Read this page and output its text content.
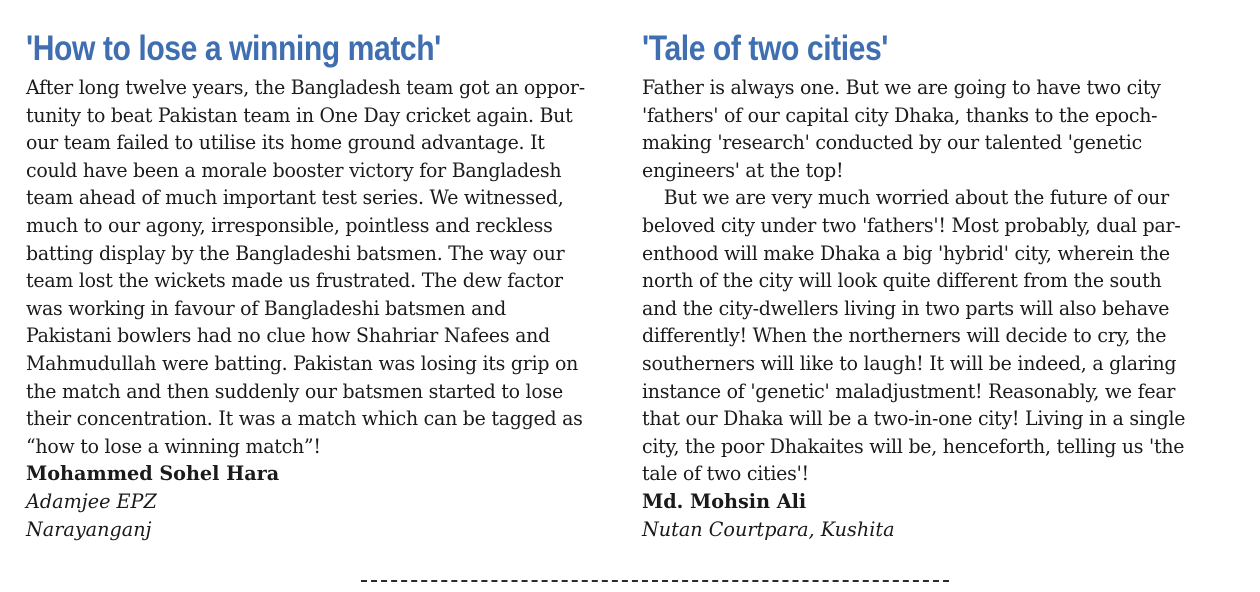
'How to lose a winning match'
After long twelve years, the Bangladesh team got an oppor-
tunity to beat Pakistan team in One Day cricket again. But
our team failed to utilise its home ground advantage. It
could have been a morale booster victory for Bangladesh
team ahead of much important test series. We witnessed,
much to our agony, irresponsible, pointless and reckless
batting display by the Bangladeshi batsmen. The way our
team lost the wickets made us frustrated. The dew factor
was working in favour of Bangladeshi batsmen and
Pakistani bowlers had no clue how Shahriar Nafees and
Mahmudullah were batting. Pakistan was losing its grip on
the match and then suddenly our batsmen started to lose
their concentration. It was a match which can be tagged as
“how to lose a winning match”!
Mohammed Sohel Hara
Adamjee EPZ
Narayanganj
'Tale of two cities'
Father is always one. But we are going to have two city
'fathers' of our capital city Dhaka, thanks to the epoch-
making 'research' conducted by our talented 'genetic
engineers' at the top!
But we are very much worried about the future of our
beloved city under two 'fathers'! Most probably, dual par-
enthood will make Dhaka a big 'hybrid' city, wherein the
north of the city will look quite different from the south
and the city-dwellers living in two parts will also behave
differently! When the northerners will decide to cry, the
southerners will like to laugh! It will be indeed, a glaring
instance of 'genetic' maladjustment! Reasonably, we fear
that our Dhaka will be a two-in-one city! Living in a single
city, the poor Dhakaites will be, henceforth, telling us 'the
tale of two cities'!
Md. Mohsin Ali
Nutan Courtpara, Kushita
